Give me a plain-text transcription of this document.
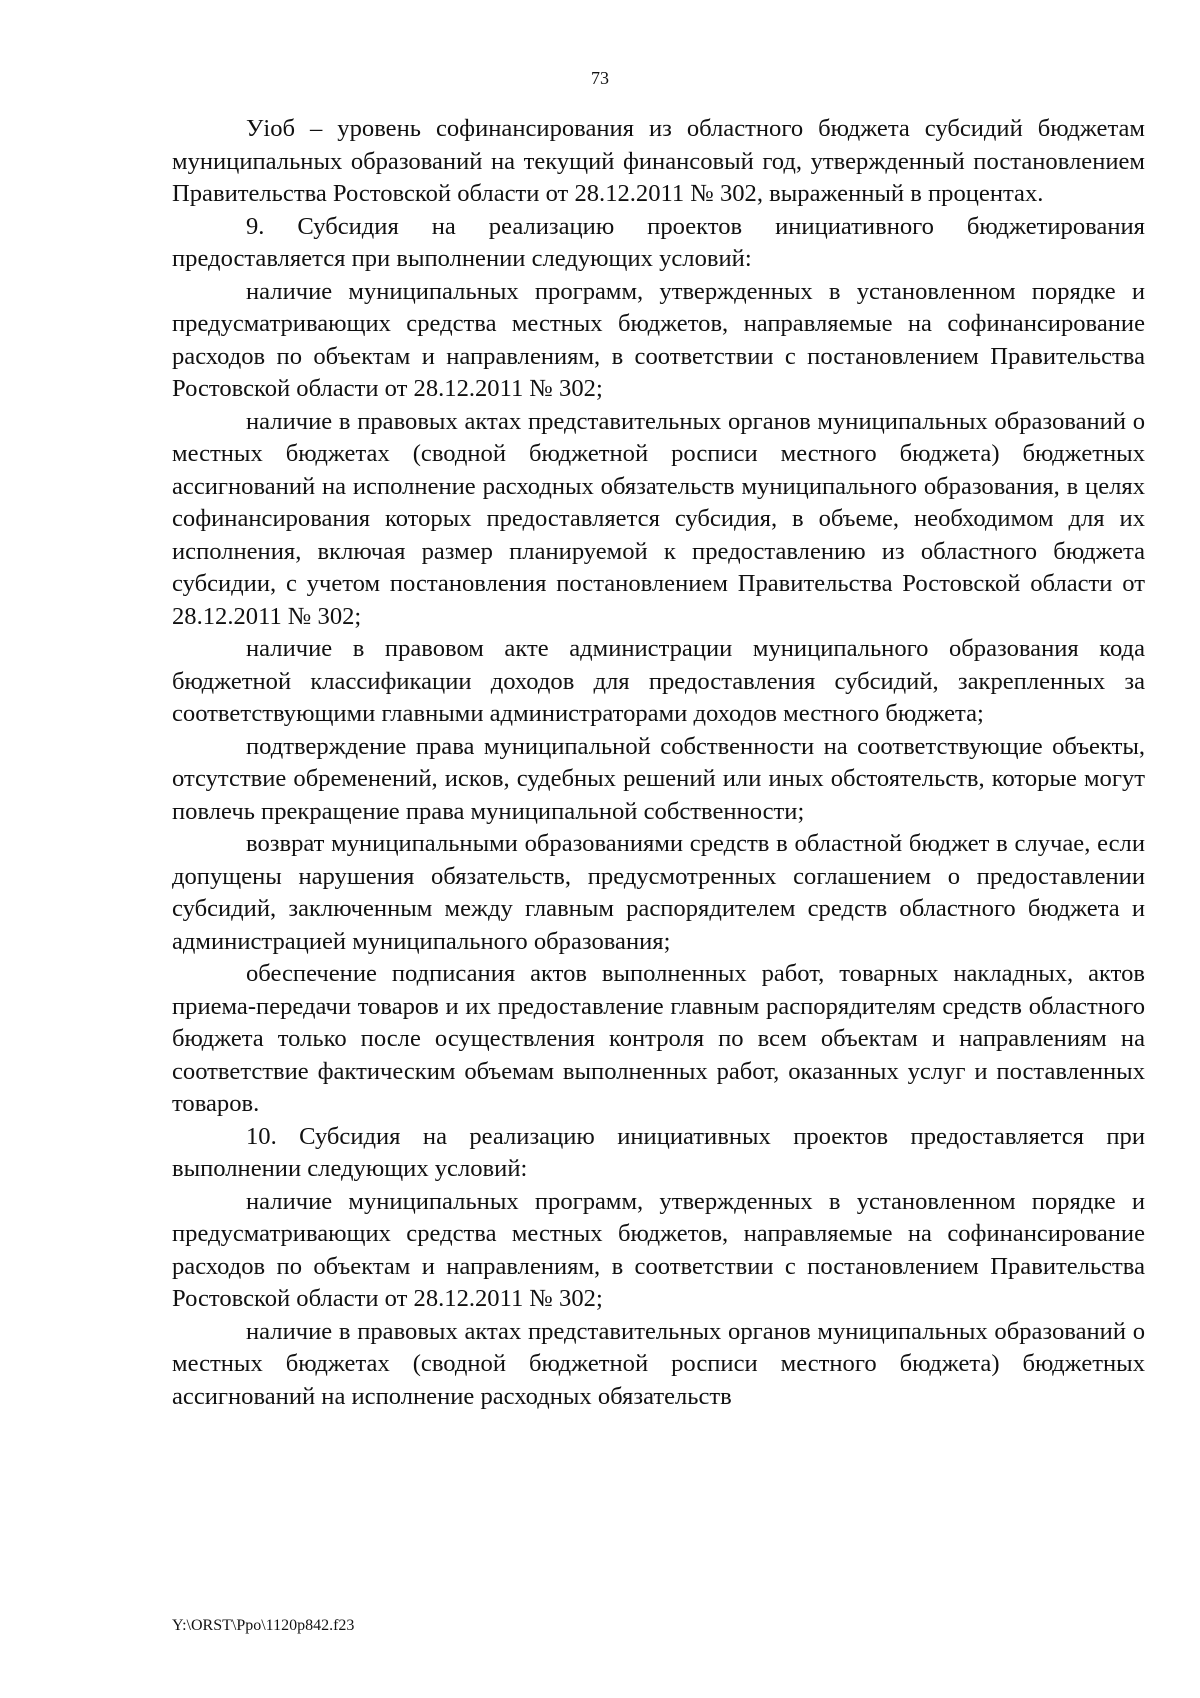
73

Уiоб – уровень софинансирования из областного бюджета субсидий бюджетам муниципальных образований на текущий финансовый год, утвержденный постановлением Правительства Ростовской области от 28.12.2011 № 302, выраженный в процентах.

9. Субсидия на реализацию проектов инициативного бюджетирования предоставляется при выполнении следующих условий:

наличие муниципальных программ, утвержденных в установленном порядке и предусматривающих средства местных бюджетов, направляемые на софинансирование расходов по объектам и направлениям, в соответствии с постановлением Правительства Ростовской области от 28.12.2011 № 302;

наличие в правовых актах представительных органов муниципальных образований о местных бюджетах (сводной бюджетной росписи местного бюджета) бюджетных ассигнований на исполнение расходных обязательств муниципального образования, в целях софинансирования которых предоставляется субсидия, в объеме, необходимом для их исполнения, включая размер планируемой к предоставлению из областного бюджета субсидии, с учетом постановления постановлением Правительства Ростовской области от 28.12.2011 № 302;

наличие в правовом акте администрации муниципального образования кода бюджетной классификации доходов для предоставления субсидий, закрепленных за соответствующими главными администраторами доходов местного бюджета;

подтверждение права муниципальной собственности на соответствующие объекты, отсутствие обременений, исков, судебных решений или иных обстоятельств, которые могут повлечь прекращение права муниципальной собственности;

возврат муниципальными образованиями средств в областной бюджет в случае, если допущены нарушения обязательств, предусмотренных соглашением о предоставлении субсидий, заключенным между главным распорядителем средств областного бюджета и администрацией муниципального образования;

обеспечение подписания актов выполненных работ, товарных накладных, актов приема-передачи товаров и их предоставление главным распорядителям средств областного бюджета только после осуществления контроля по всем объектам и направлениям на соответствие фактическим объемам выполненных работ, оказанных услуг и поставленных товаров.

10. Субсидия на реализацию инициативных проектов предоставляется при выполнении следующих условий:

наличие муниципальных программ, утвержденных в установленном порядке и предусматривающих средства местных бюджетов, направляемые на софинансирование расходов по объектам и направлениям, в соответствии с постановлением Правительства Ростовской области от 28.12.2011 № 302;

наличие в правовых актах представительных органов муниципальных образований о местных бюджетах (сводной бюджетной росписи местного бюджета) бюджетных ассигнований на исполнение расходных обязательств

Y:\ORST\Ppo\1120p842.f23
